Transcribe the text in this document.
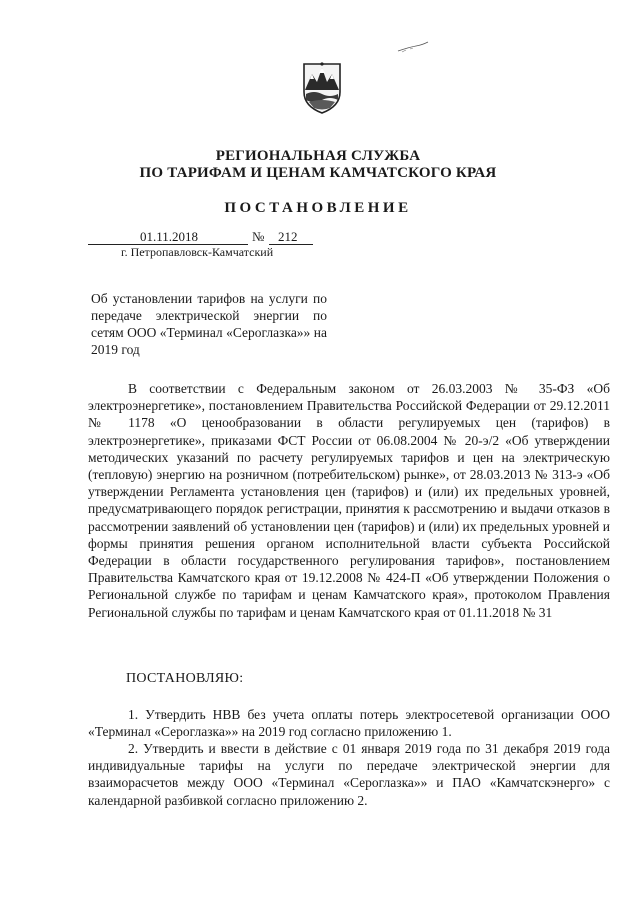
РЕГИОНАЛЬНАЯ СЛУЖБА
ПО ТАРИФАМ И ЦЕНАМ КАМЧАТСКОГО КРАЯ
ПОСТАНОВЛЕНИЕ
01.11.2018	№ 212
г. Петропавловск-Камчатский
Об установлении тарифов на услуги по передаче электрической энергии по сетям ООО «Терминал «Сероглазка»» на 2019 год

В соответствии с Федеральным законом от 26.03.2003 № 35-ФЗ «Об электроэнергетике», постановлением Правительства Российской Федерации от 29.12.2011 № 1178 «О ценообразовании в области регулируемых цен (тарифов) в электроэнергетике», приказами ФСТ России от 06.08.2004 № 20-э/2 «Об утверждении методических указаний по расчету регулируемых тарифов и цен на электрическую (тепловую) энергию на розничном (потребительском) рынке», от 28.03.2013 № 313-э «Об утверждении Регламента установления цен (тарифов) и (или) их предельных уровней, предусматривающего порядок регистрации, принятия к рассмотрению и выдачи отказов в рассмотрении заявлений об установлении цен (тарифов) и (или) их предельных уровней и формы принятия решения органом исполнительной власти субъекта Российской Федерации в области государственного регулирования тарифов», постановлением Правительства Камчатского края от 19.12.2008 № 424-П «Об утверждении Положения о Региональной службе по тарифам и ценам Камчатского края», протоколом Правления Региональной службы по тарифам и ценам Камчатского края от 01.11.2018 № 31

ПОСТАНОВЛЯЮ:

1. Утвердить НВВ без учета оплаты потерь электросетевой организации ООО «Терминал «Сероглазка»» на 2019 год согласно приложению 1.

2. Утвердить и ввести в действие с 01 января 2019 года по 31 декабря 2019 года индивидуальные тарифы на услуги по передаче электрической энергии для взаиморасчетов между ООО «Терминал «Сероглазка»» и ПАО «Камчатскэнерго» с календарной разбивкой согласно приложению 2.
